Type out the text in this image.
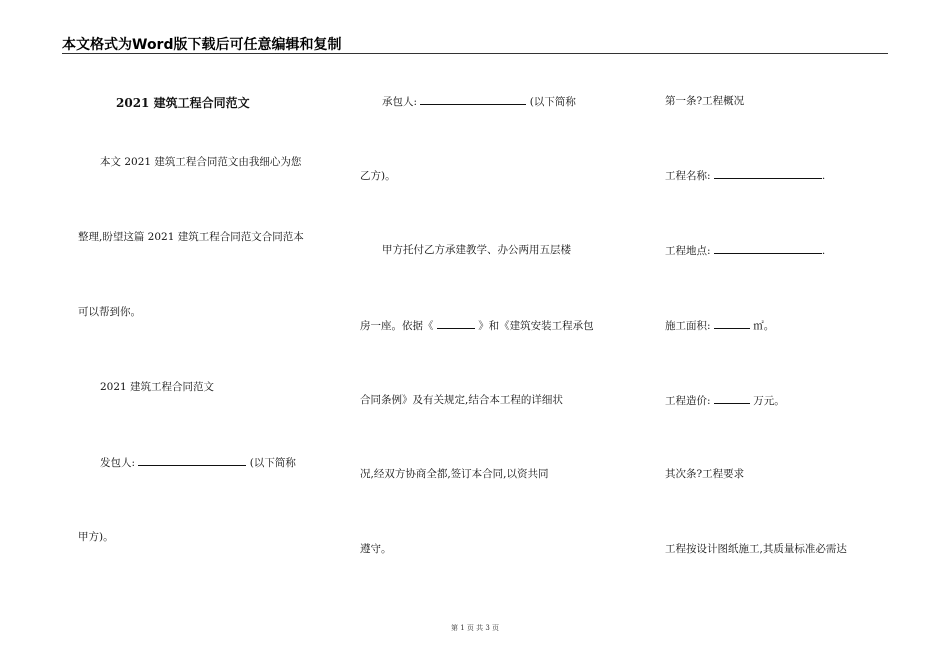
本文格式为Word版下载后可任意编辑和复制
2021 建筑工程合同范文
本文 2021 建筑工程合同范文由我细心为您
整理,盼望这篇 2021 建筑工程合同范文合同范本
可以帮到你。
2021 建筑工程合同范文
发包人:	(以下简称
甲方)。
承包人:	(以下简称
乙方)。
甲方托付乙方承建教学、办公两用五层楼
房一座。依据《	》和《建筑安装工程承包
合同条例》及有关规定,结合本工程的详细状
况,经双方协商全都,签订本合同,以资共同
遵守。
第一条?工程概况
工程名称:	.
工程地点:	.
施工面积:	㎡。
工程造价:	万元。
其次条?工程要求
工程按设计图纸施工,其质量标准必需达
第 1 页 共 3 页
